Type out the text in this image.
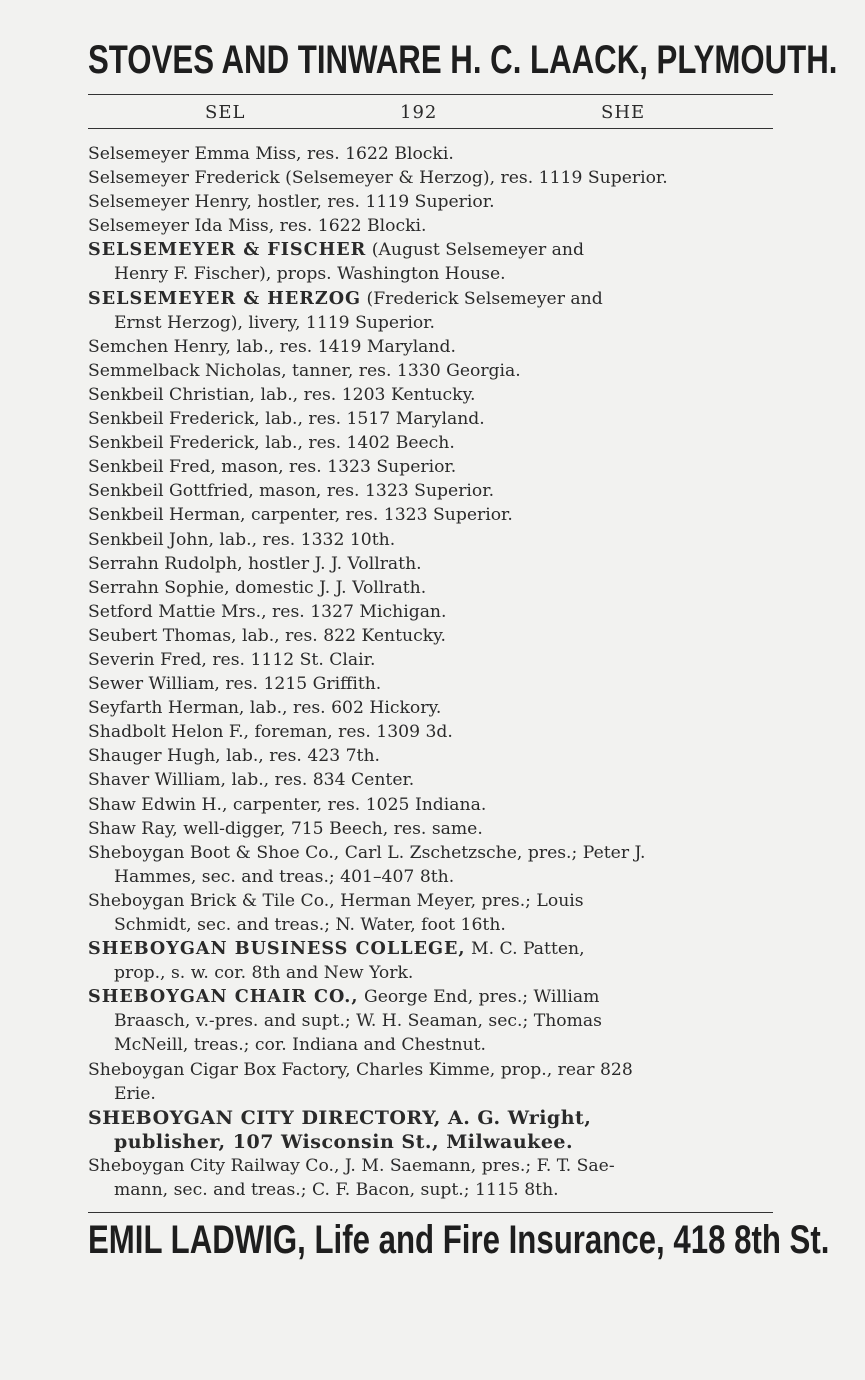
STOVES AND TINWARE H. C. LAACK, PLYMOUTH.
SEL	192	SHE
Selsemeyer Emma Miss, res. 1622 Blocki.
Selsemeyer Frederick (Selsemeyer & Herzog), res. 1119 Superior.
Selsemeyer Henry, hostler, res. 1119 Superior.
Selsemeyer Ida Miss, res. 1622 Blocki.
SELSEMEYER & FISCHER (August Selsemeyer and
Henry F. Fischer), props. Washington House.
SELSEMEYER & HERZOG (Frederick Selsemeyer and
Ernst Herzog), livery, 1119 Superior.
Semchen Henry, lab., res. 1419 Maryland.
Semmelback Nicholas, tanner, res. 1330 Georgia.
Senkbeil Christian, lab., res. 1203 Kentucky.
Senkbeil Frederick, lab., res. 1517 Maryland.
Senkbeil Frederick, lab., res. 1402 Beech.
Senkbeil Fred, mason, res. 1323 Superior.
Senkbeil Gottfried, mason, res. 1323 Superior.
Senkbeil Herman, carpenter, res. 1323 Superior.
Senkbeil John, lab., res. 1332 10th.
Serrahn Rudolph, hostler J. J. Vollrath.
Serrahn Sophie, domestic J. J. Vollrath.
Setford Mattie Mrs., res. 1327 Michigan.
Seubert Thomas, lab., res. 822 Kentucky.
Severin Fred, res. 1112 St. Clair.
Sewer William, res. 1215 Griffith.
Seyfarth Herman, lab., res. 602 Hickory.
Shadbolt Helon F., foreman, res. 1309 3d.
Shauger Hugh, lab., res. 423 7th.
Shaver William, lab., res. 834 Center.
Shaw Edwin H., carpenter, res. 1025 Indiana.
Shaw Ray, well-digger, 715 Beech, res. same.
Sheboygan Boot & Shoe Co., Carl L. Zschetzsche, pres.; Peter J.
Hammes, sec. and treas.; 401–407 8th.
Sheboygan Brick & Tile Co., Herman Meyer, pres.; Louis
Schmidt, sec. and treas.; N. Water, foot 16th.
SHEBOYGAN BUSINESS COLLEGE, M. C. Patten,
prop., s. w. cor. 8th and New York.
SHEBOYGAN CHAIR CO., George End, pres.; William
Braasch, v.-pres. and supt.; W. H. Seaman, sec.; Thomas
McNeill, treas.; cor. Indiana and Chestnut.
Sheboygan Cigar Box Factory, Charles Kimme, prop., rear 828
Erie.
SHEBOYGAN CITY DIRECTORY, A. G. Wright,
publisher, 107 Wisconsin St., Milwaukee.
Sheboygan City Railway Co., J. M. Saemann, pres.; F. T. Sae-
mann, sec. and treas.; C. F. Bacon, supt.; 1115 8th.
EMIL LADWIG, Life and Fire Insurance, 418 8th St.
